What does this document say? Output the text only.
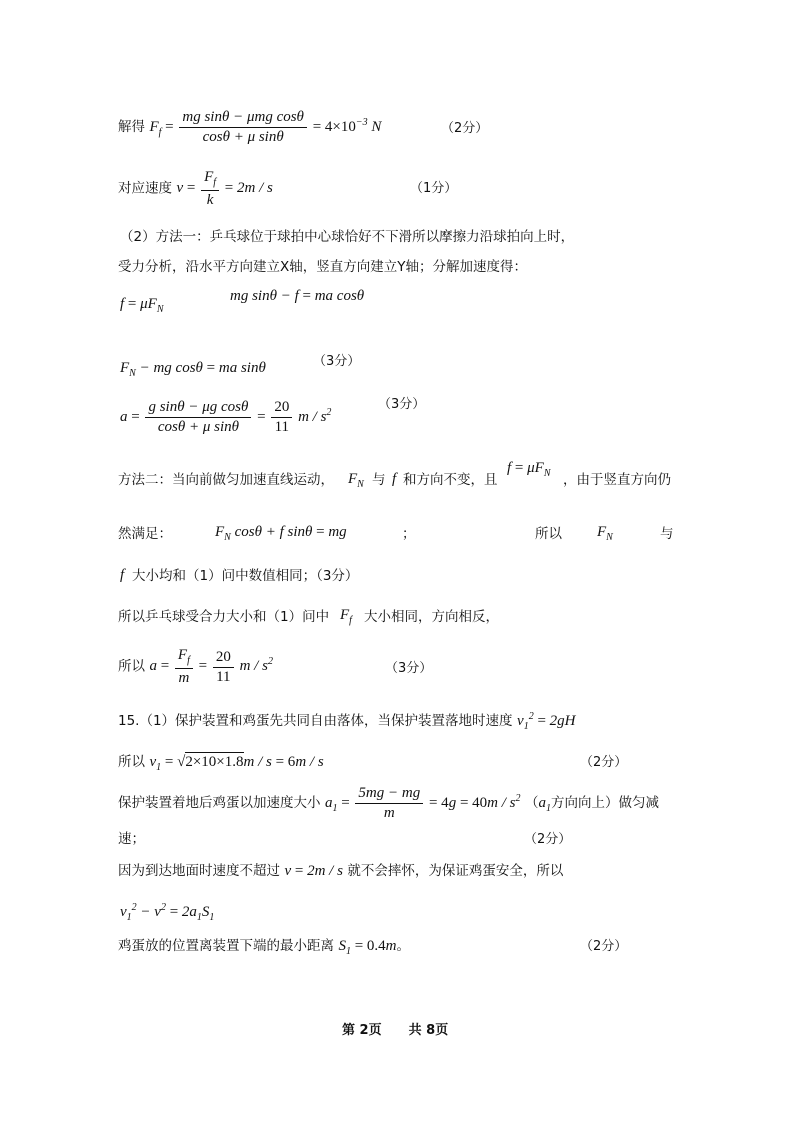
解得 $F_f = \frac{\text{mg sinθ − μmg cosθ}}{\text{cosθ + μ sinθ}} = 4\times 10^{-3}$ N	（2分）
对应速度 $v = \frac{F_f}{k} = 2m / s$	（1分）
（2）方法一：乒乓球位于球拍中心球恰好不下滑所以摩擦力沿球拍向上时，
受力分析，沿水平方向建立X轴，竖直方向建立Y轴；分解加速度得：
$f = \mu F_N$
mg sinθ − f = ma cosθ
$F_N$ − mg cosθ = ma sinθ	（3分）
$a = \frac{\text{g sinθ − μg cosθ}}{\text{cosθ + μ sinθ}} = \frac{20}{11}$ m / $s^2$
（3分）
方法二：当向前做匀加速直线运动， $F_N$ 与 f 和方向不变，且
$f = \mu F_N$ ，由于竖直方向仍
然满足：	$F_N$ cosθ + f sinθ = mg	；	所以 $F_N$	与
f 大小均和（1）问中数值相同；（3分）
所以乒乓球受合力大小和（1）问中 $F_f$ 大小相同，方向相反，
所以 $a = \frac{F_f}{m} = \frac{20}{11}$ m / $s^2$	（3分）
15.（1）保护装置和鸡蛋先共同自由落体，当保护装置落地时速度 $v_1^2 = 2gH$
所以 $v_1 = √2\times 10\times 1.8m / s = 6m / s$	（2分）
保护装置着地后鸡蛋以加速度大小 $a_1 = \frac{5mg - mg}{m} = 4g = 40m / s^2$ （$a_1$方向向上）做匀减
速；	（2分）
因为到达地面时速度不超过 v = 2m / s 就不会摔怀，为保证鸡蛋安全，所以
$v_1^2 - v^2 = 2a_1S_1$
鸡蛋放的位置离装置下端的最小距离 $S_1 = 0.4m$。	（2分）
第 2页 共 8页
